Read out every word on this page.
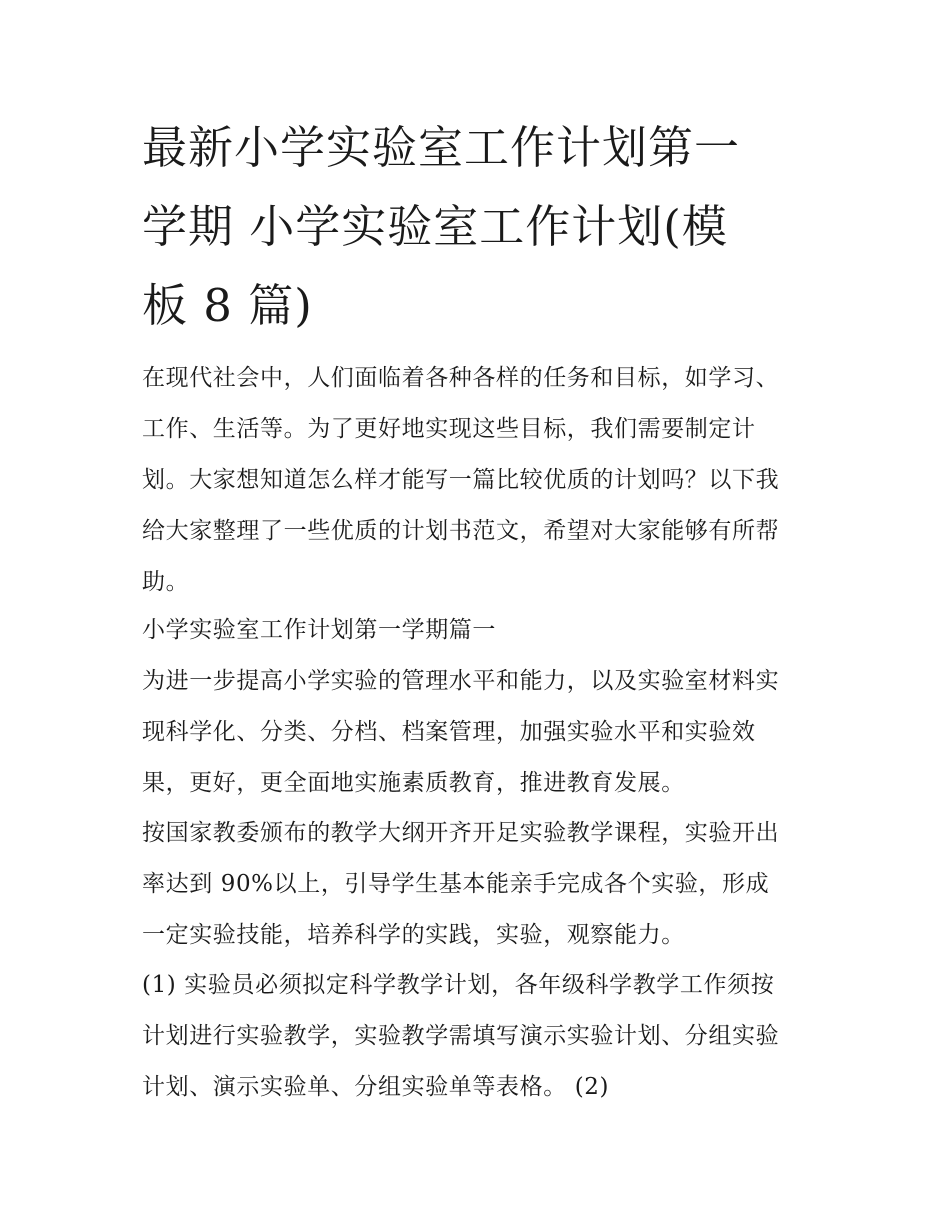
最新小学实验室工作计划第一
学期 小学实验室工作计划(模
板 8 篇)

在现代社会中，人们面临着各种各样的任务和目标，如学习、
工作、生活等。为了更好地实现这些目标，我们需要制定计
划。大家想知道怎么样才能写一篇比较优质的计划吗？以下我
给大家整理了一些优质的计划书范文，希望对大家能够有所帮
助。

小学实验室工作计划第一学期篇一

为进一步提高小学实验的管理水平和能力，以及实验室材料实
现科学化、分类、分档、档案管理，加强实验水平和实验效
果，更好，更全面地实施素质教育，推进教育发展。

按国家教委颁布的教学大纲开齐开足实验教学课程，实验开出
率达到 90%以上，引导学生基本能亲手完成各个实验，形成
一定实验技能，培养科学的实践，实验，观察能力。

(1) 实验员必须拟定科学教学计划，各年级科学教学工作须按
计划进行实验教学，实验教学需填写演示实验计划、分组实验
计划、演示实验单、分组实验单等表格。 (2)
